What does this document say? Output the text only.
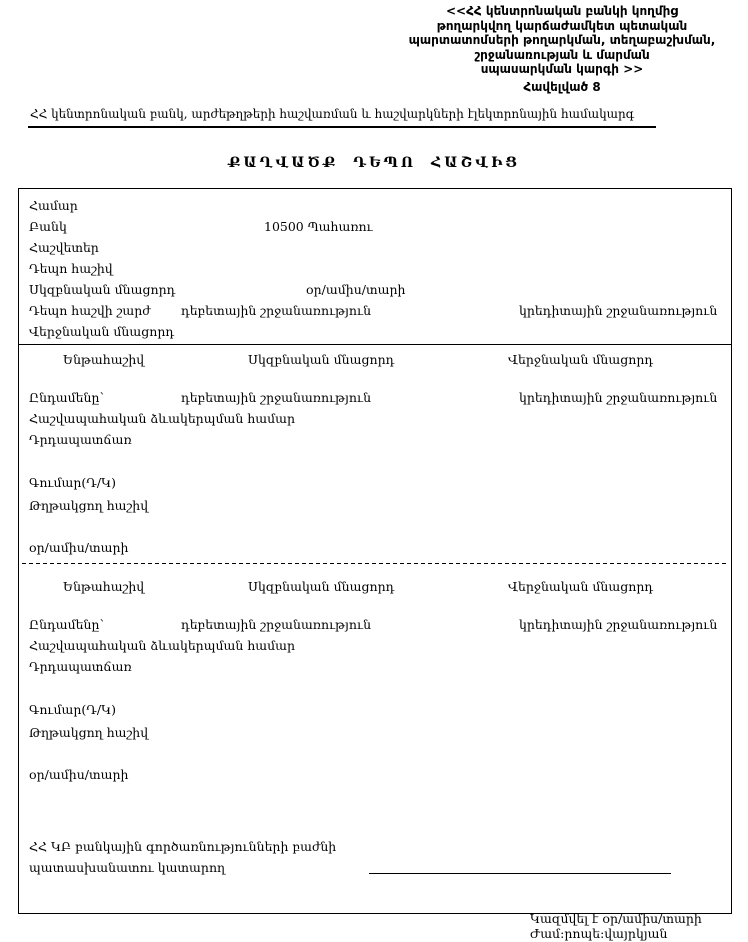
<<ՀՀ կենտրոնական բանկի կողմից
թողարկվող կարճաժամկետ պետական
պարտատոմսերի թողարկման, տեղաբաշխման,
շրջանառության և մարման
սպասարկման կարգի >>
Հավելված 8
ՀՀ կենտրոնական բանկ, արժեթղթերի հաշվառման և հաշվարկների էլեկտրոնային համակարգ
ՔԱՂՎԱԾՔ ԴԵՊՈ ՀԱՇՎԻՑ
Համար
Բանկ	10500 Պահառու
Հաշվետեր
Դեպո հաշիվ
Սկզբնական մնացորդ	օր/ամիս/տարի
Դեպո հաշվի շարժ դեբետային շրջանառություն	կրեդիտային շրջանառություն
Վերջնական մնացորդ
Ենթահաշիվ	Սկզբնական մնացորդ	Վերջնական մնացորդ
Ընդամենը`	դեբետային շրջանառություն	կրեդիտային շրջանառություն
Հաշվապահական ձևակերպման համար
Դրդապատճառ
Գումար(Դ/Կ)
Թղթակցող հաշիվ
օր/ամիս/տարի
Ենթահաշիվ	Սկզբնական մնացորդ	Վերջնական մնացորդ
Ընդամենը`	դեբետային շրջանառություն	կրեդիտային շրջանառություն
Հաշվապահական ձևակերպման համար
Դրդապատճառ
Գումար(Դ/Կ)
Թղթակցող հաշիվ
օր/ամիս/տարի
ՀՀ ԿԲ բանկային գործառնությունների բաժնի
պատասխանատու կատարող
Կազմվել է օր/ամիս/տարի
Ժամ:րոպե:վայրկյան
